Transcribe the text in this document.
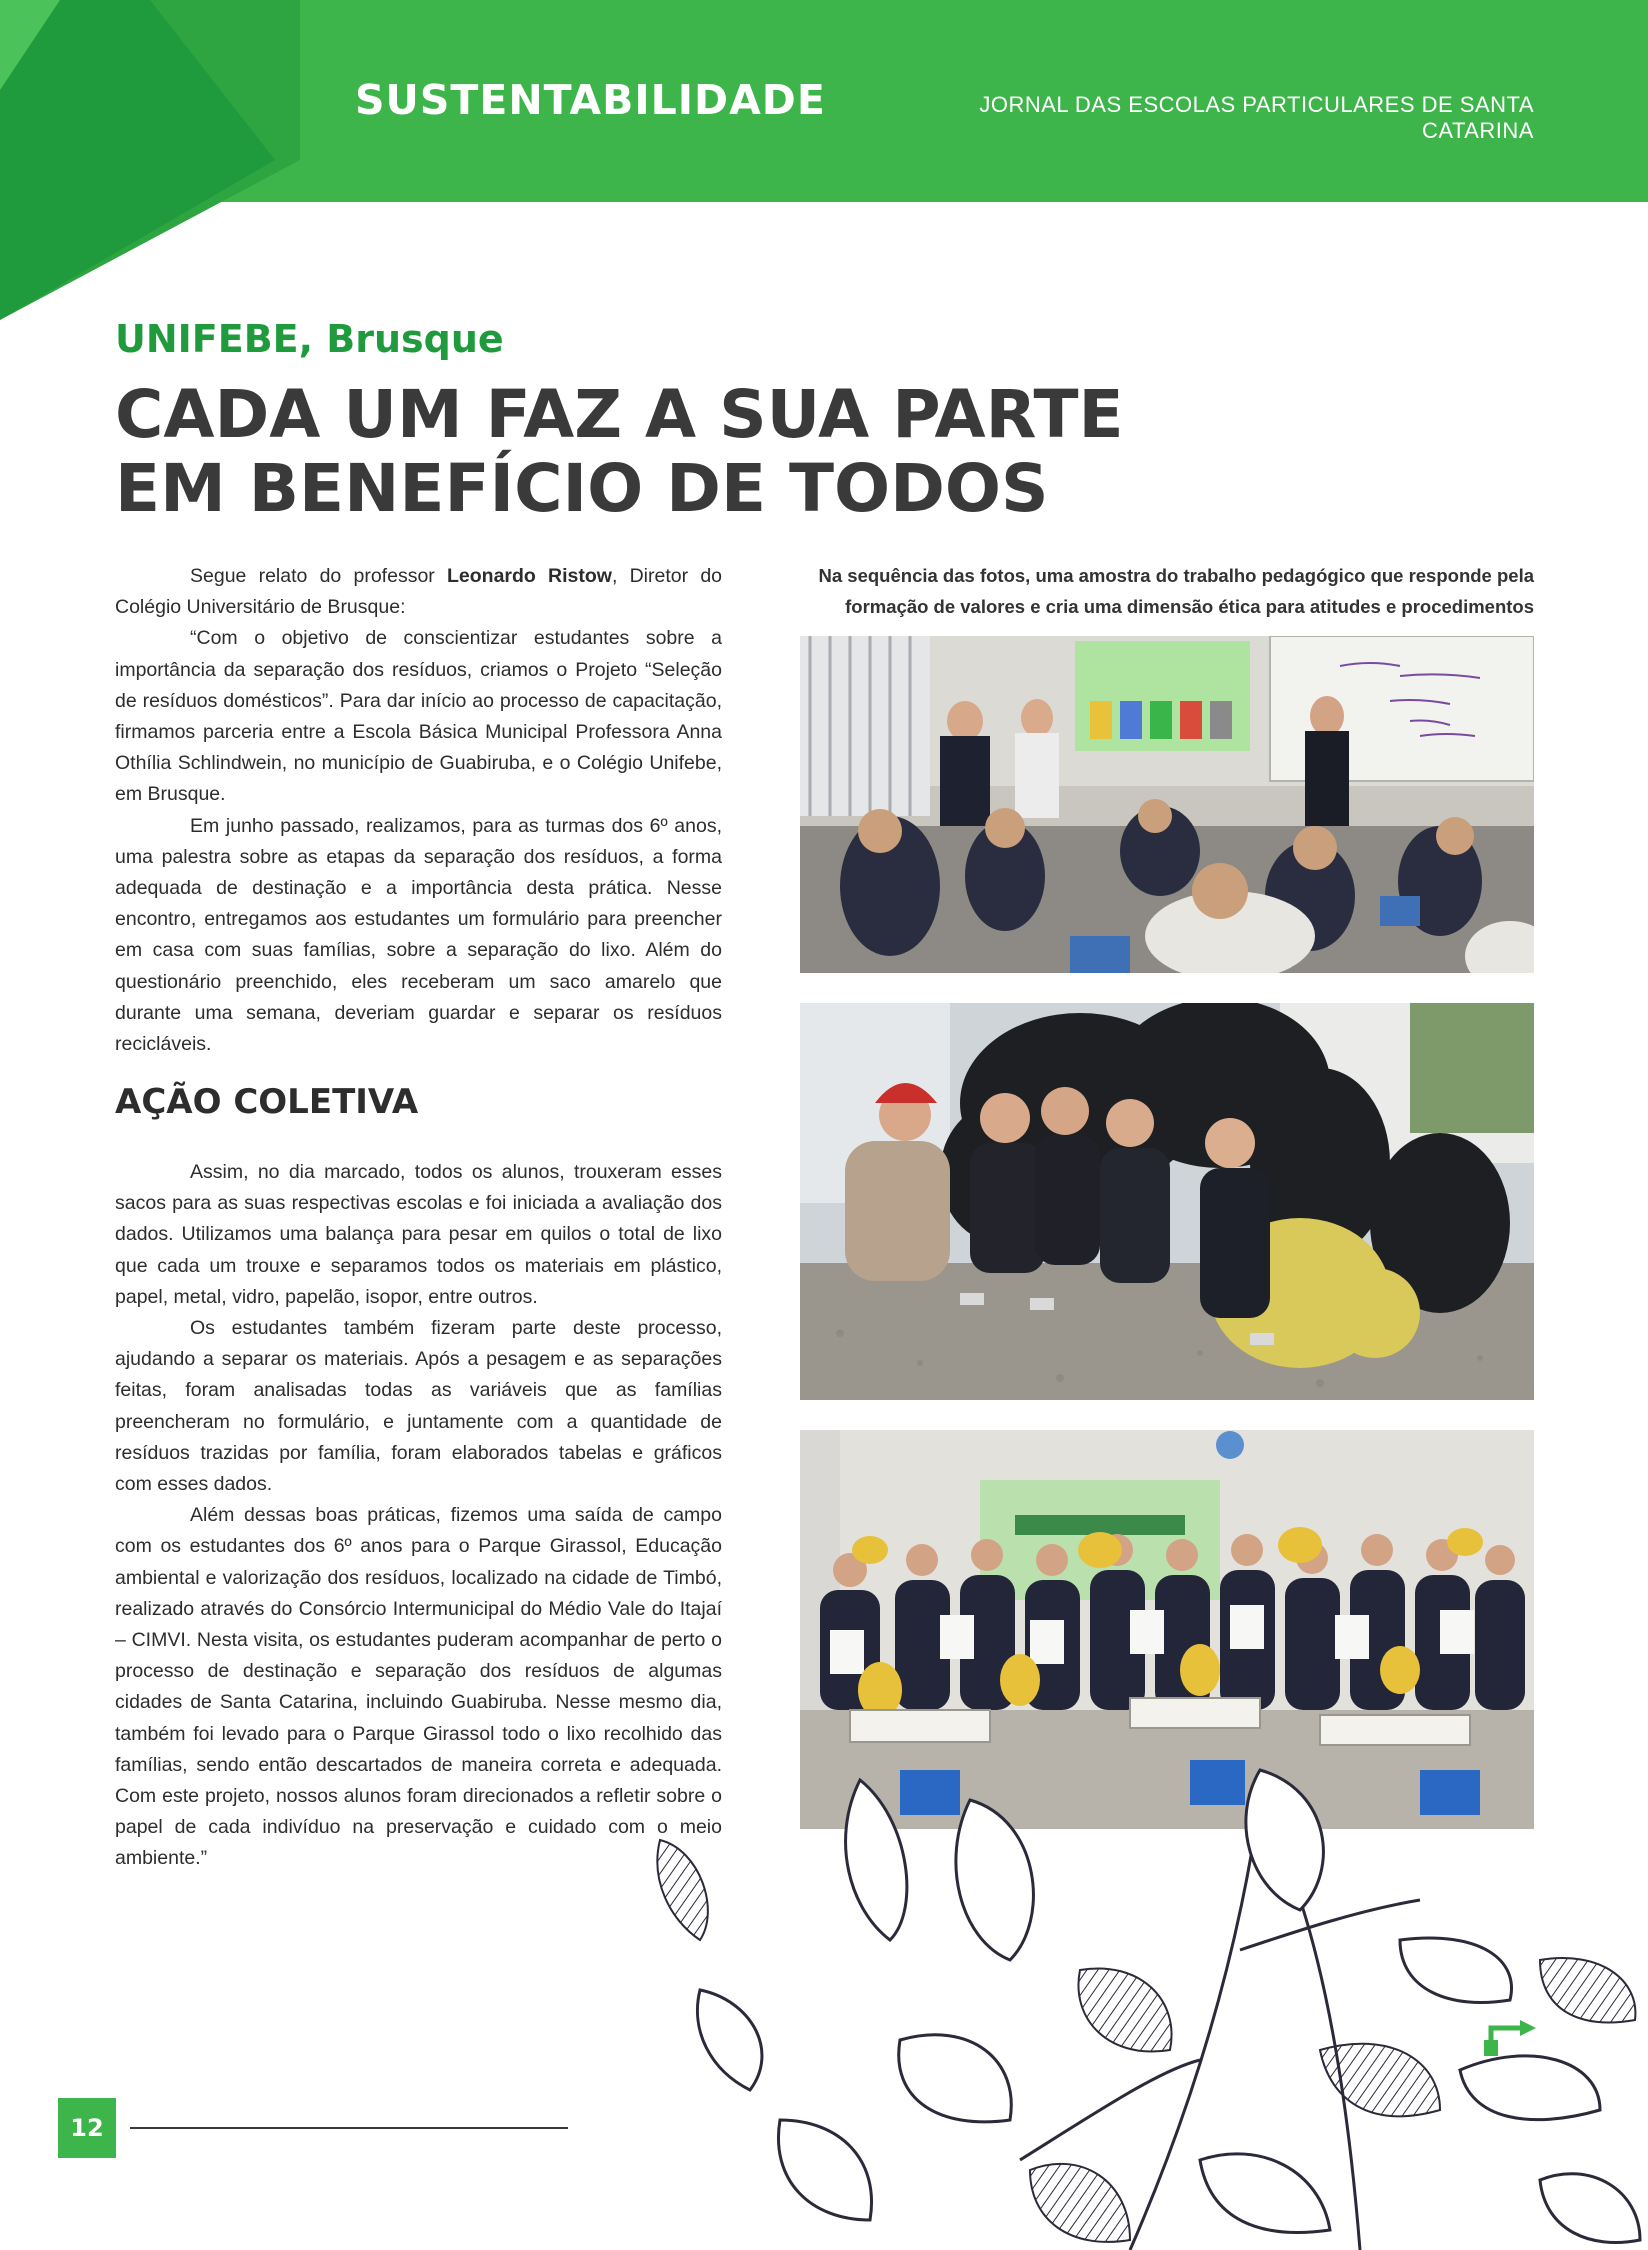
SUSTENTABILIDADE	JORNAL DAS ESCOLAS PARTICULARES DE SANTA CATARINA
UNIFEBE, Brusque
CADA UM FAZ A SUA PARTE
EM BENEFÍCIO DE TODOS

Segue relato do professor Leonardo Ristow, Diretor do Colégio Universitário de Brusque:

“Com o objetivo de conscientizar estudantes sobre a importância da separação dos resíduos, criamos o Projeto “Seleção de resíduos domésticos”. Para dar início ao processo de capacitação, firmamos parceria entre a Escola Básica Municipal Professora Anna Othília Schlindwein, no município de Guabiruba, e o Colégio Unifebe, em Brusque.

Em junho passado, realizamos, para as turmas dos 6º anos, uma palestra sobre as etapas da separação dos resíduos, a forma adequada de destinação e a importância desta prática. Nesse encontro, entregamos aos estudantes um formulário para preencher em casa com suas famílias, sobre a separação do lixo. Além do questionário preenchido, eles receberam um saco amarelo que durante uma semana, deveriam guardar e separar os resíduos recicláveis.

AÇÃO COLETIVA

Assim, no dia marcado, todos os alunos, trouxeram esses sacos para as suas respectivas escolas e foi iniciada a avaliação dos dados. Utilizamos uma balança para pesar em quilos o total de lixo que cada um trouxe e separamos todos os materiais em plástico, papel, metal, vidro, papelão, isopor, entre outros.

Os estudantes também fizeram parte deste processo, ajudando a separar os materiais. Após a pesagem e as separações feitas, foram analisadas todas as variáveis que as famílias preencheram no formulário, e juntamente com a quantidade de resíduos trazidas por família, foram elaborados tabelas e gráficos com esses dados.

Além dessas boas práticas, fizemos uma saída de campo com os estudantes dos 6º anos para o Parque Girassol, Educação ambiental e valorização dos resíduos, localizado na cidade de Timbó, realizado através do Consórcio Intermunicipal do Médio Vale do Itajaí – CIMVI. Nesta visita, os estudantes puderam acompanhar de perto o processo de destinação e separação dos resíduos de algumas cidades de Santa Catarina, incluindo Guabiruba. Nesse mesmo dia, também foi levado para o Parque Girassol todo o lixo recolhido das famílias, sendo então descartados de maneira correta e adequada. Com este projeto, nossos alunos foram direcionados a refletir sobre o papel de cada indivíduo na preservação e cuidado com o meio ambiente.”

Na sequência das fotos, uma amostra do trabalho pedagógico que responde pela formação de valores e cria uma dimensão ética para atitudes e procedimentos
12
